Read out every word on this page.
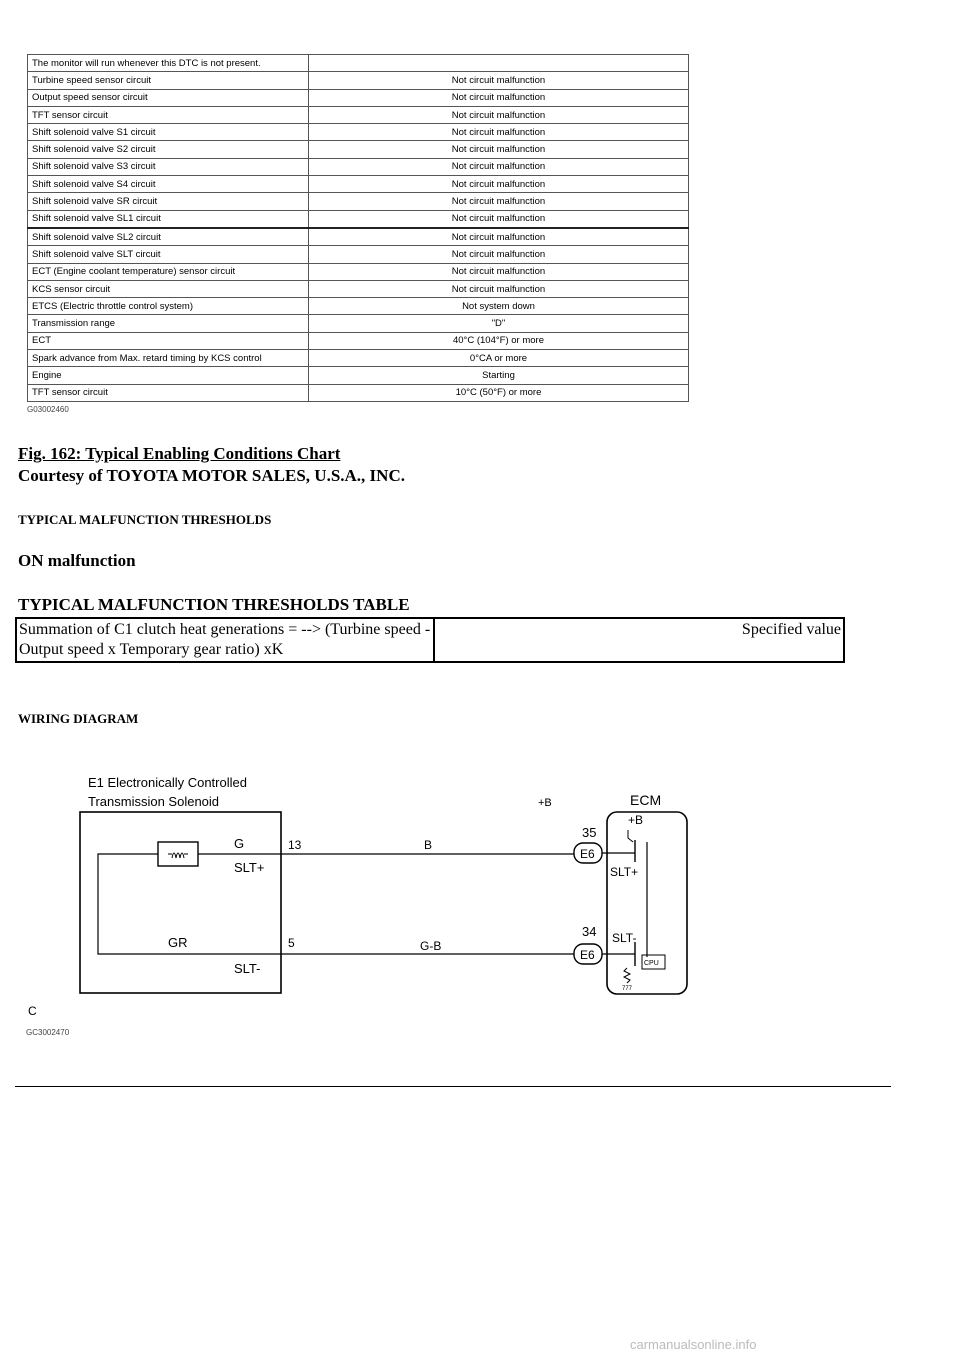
The monitor will run whenever this DTC is not present.	
Turbine speed sensor circuit	Not circuit malfunction
Output speed sensor circuit	Not circuit malfunction
TFT sensor circuit	Not circuit malfunction
Shift solenoid valve S1 circuit	Not circuit malfunction
Shift solenoid valve S2 circuit	Not circuit malfunction
Shift solenoid valve S3 circuit	Not circuit malfunction
Shift solenoid valve S4 circuit	Not circuit malfunction
Shift solenoid valve SR circuit	Not circuit malfunction
Shift solenoid valve SL1 circuit	Not circuit malfunction
Shift solenoid valve SL2 circuit	Not circuit malfunction
Shift solenoid valve SLT circuit	Not circuit malfunction
ECT (Engine coolant temperature) sensor circuit	Not circuit malfunction
KCS sensor circuit	Not circuit malfunction
ETCS (Electric throttle control system)	Not system down
Transmission range	"D"
ECT	40°C (104°F) or more
Spark advance from Max. retard timing by KCS control	0°CA or more
Engine	Starting
TFT sensor circuit	10°C (50°F) or more
G03002460
Fig. 162: Typical Enabling Conditions Chart
Courtesy of TOYOTA MOTOR SALES, U.S.A., INC.
TYPICAL MALFUNCTION THRESHOLDS
ON malfunction
TYPICAL MALFUNCTION THRESHOLDS TABLE
Summation of C1 clutch heat generations = --> (Turbine speed - Output speed x Temporary gear ratio) xK	Specified value
WIRING DIAGRAM
E1 Electronically Controlled
Transmission Solenoid	ECM
+B
G
SLT+
GR
SLT-
13
5
B
G-B
35
E6
34
E6
+B
SLT+
SLT-
CPU
777
C
GC3002470
carmanualsonline.info
